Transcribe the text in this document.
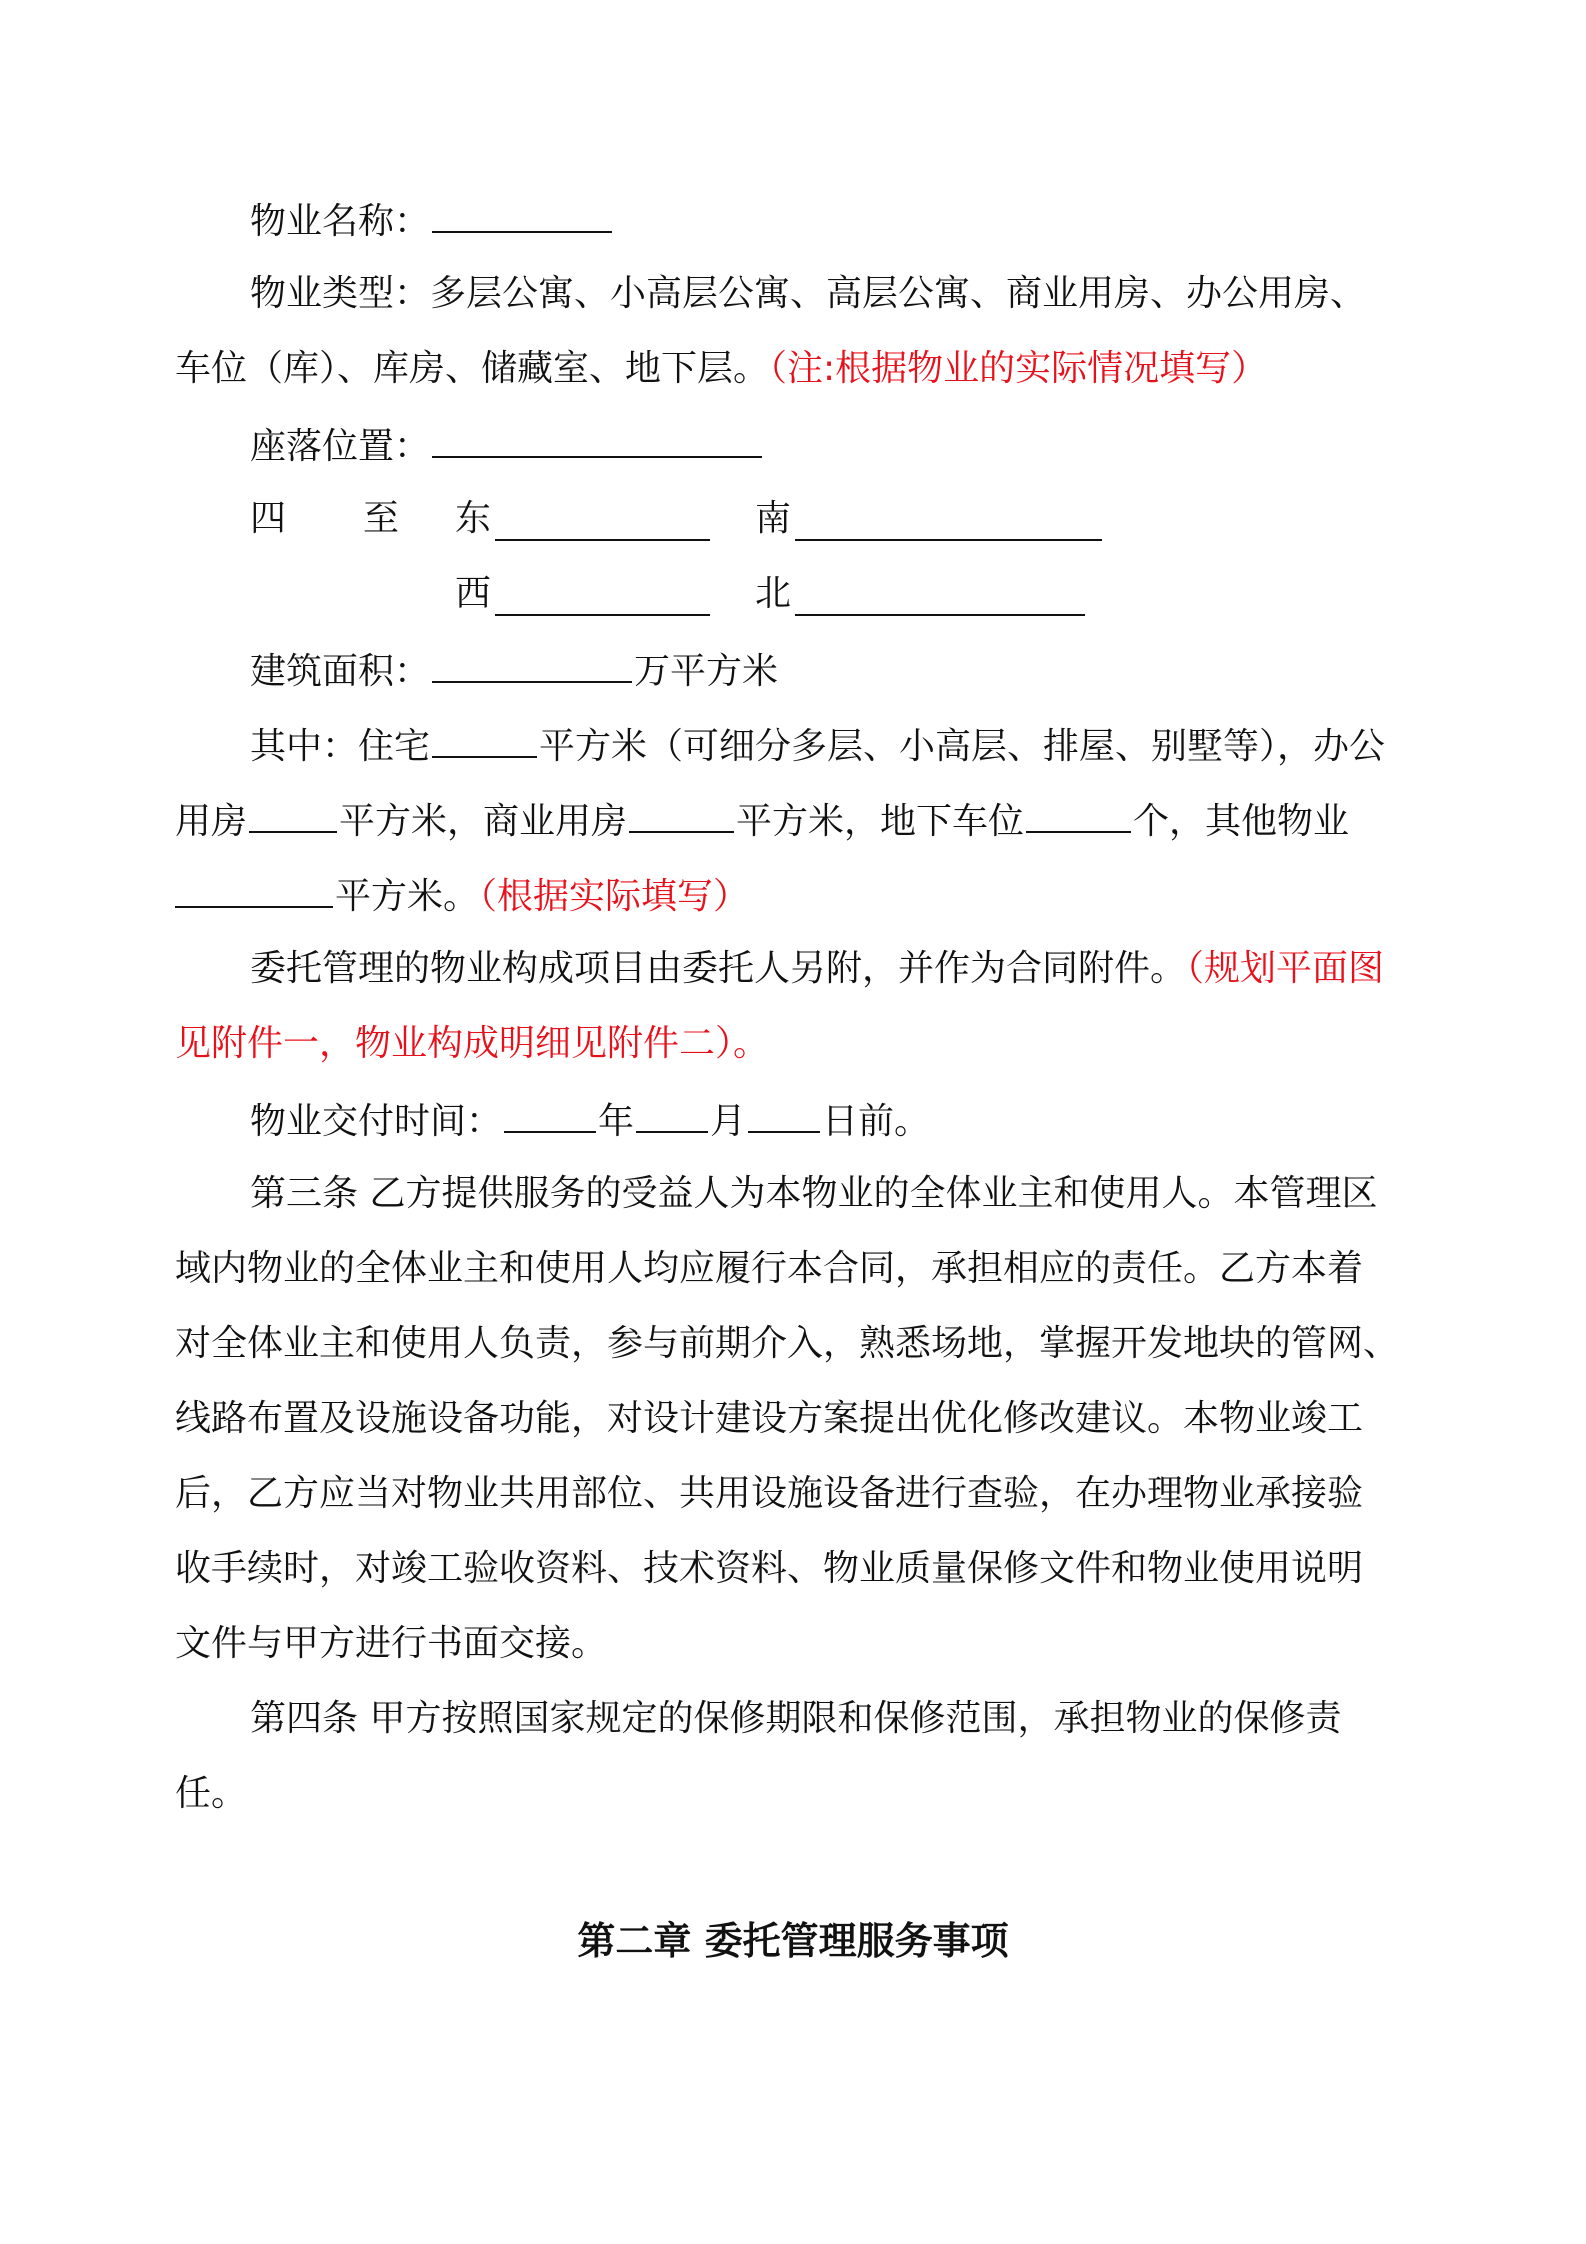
物业名称：
物业类型：多层公寓、小高层公寓、高层公寓、商业用房、办公用房、
车位（库）、库房、储藏室、地下层。（注:根据物业的实际情况填写）
座落位置：
四 至 东	南
西	北
建筑面积：	万平方米
其中：住宅	平方米（可细分多层、小高层、排屋、别墅等），办公
用房	平方米，商业用房	平方米，地下车位	个，其他物业
平方米。（根据实际填写）
委托管理的物业构成项目由委托人另附，并作为合同附件。（规划平面图
见附件一，物业构成明细见附件二）。
物业交付时间：	年 月 日前。
第三条 乙方提供服务的受益人为本物业的全体业主和使用人。本管理区
域内物业的全体业主和使用人均应履行本合同，承担相应的责任。乙方本着
对全体业主和使用人负责，参与前期介入，熟悉场地，掌握开发地块的管网、
线路布置及设施设备功能，对设计建设方案提出优化修改建议。本物业竣工
后，乙方应当对物业共用部位、共用设施设备进行查验，在办理物业承接验
收手续时，对竣工验收资料、技术资料、物业质量保修文件和物业使用说明
文件与甲方进行书面交接。
第四条 甲方按照国家规定的保修期限和保修范围，承担物业的保修责
任。
第二章 委托管理服务事项
